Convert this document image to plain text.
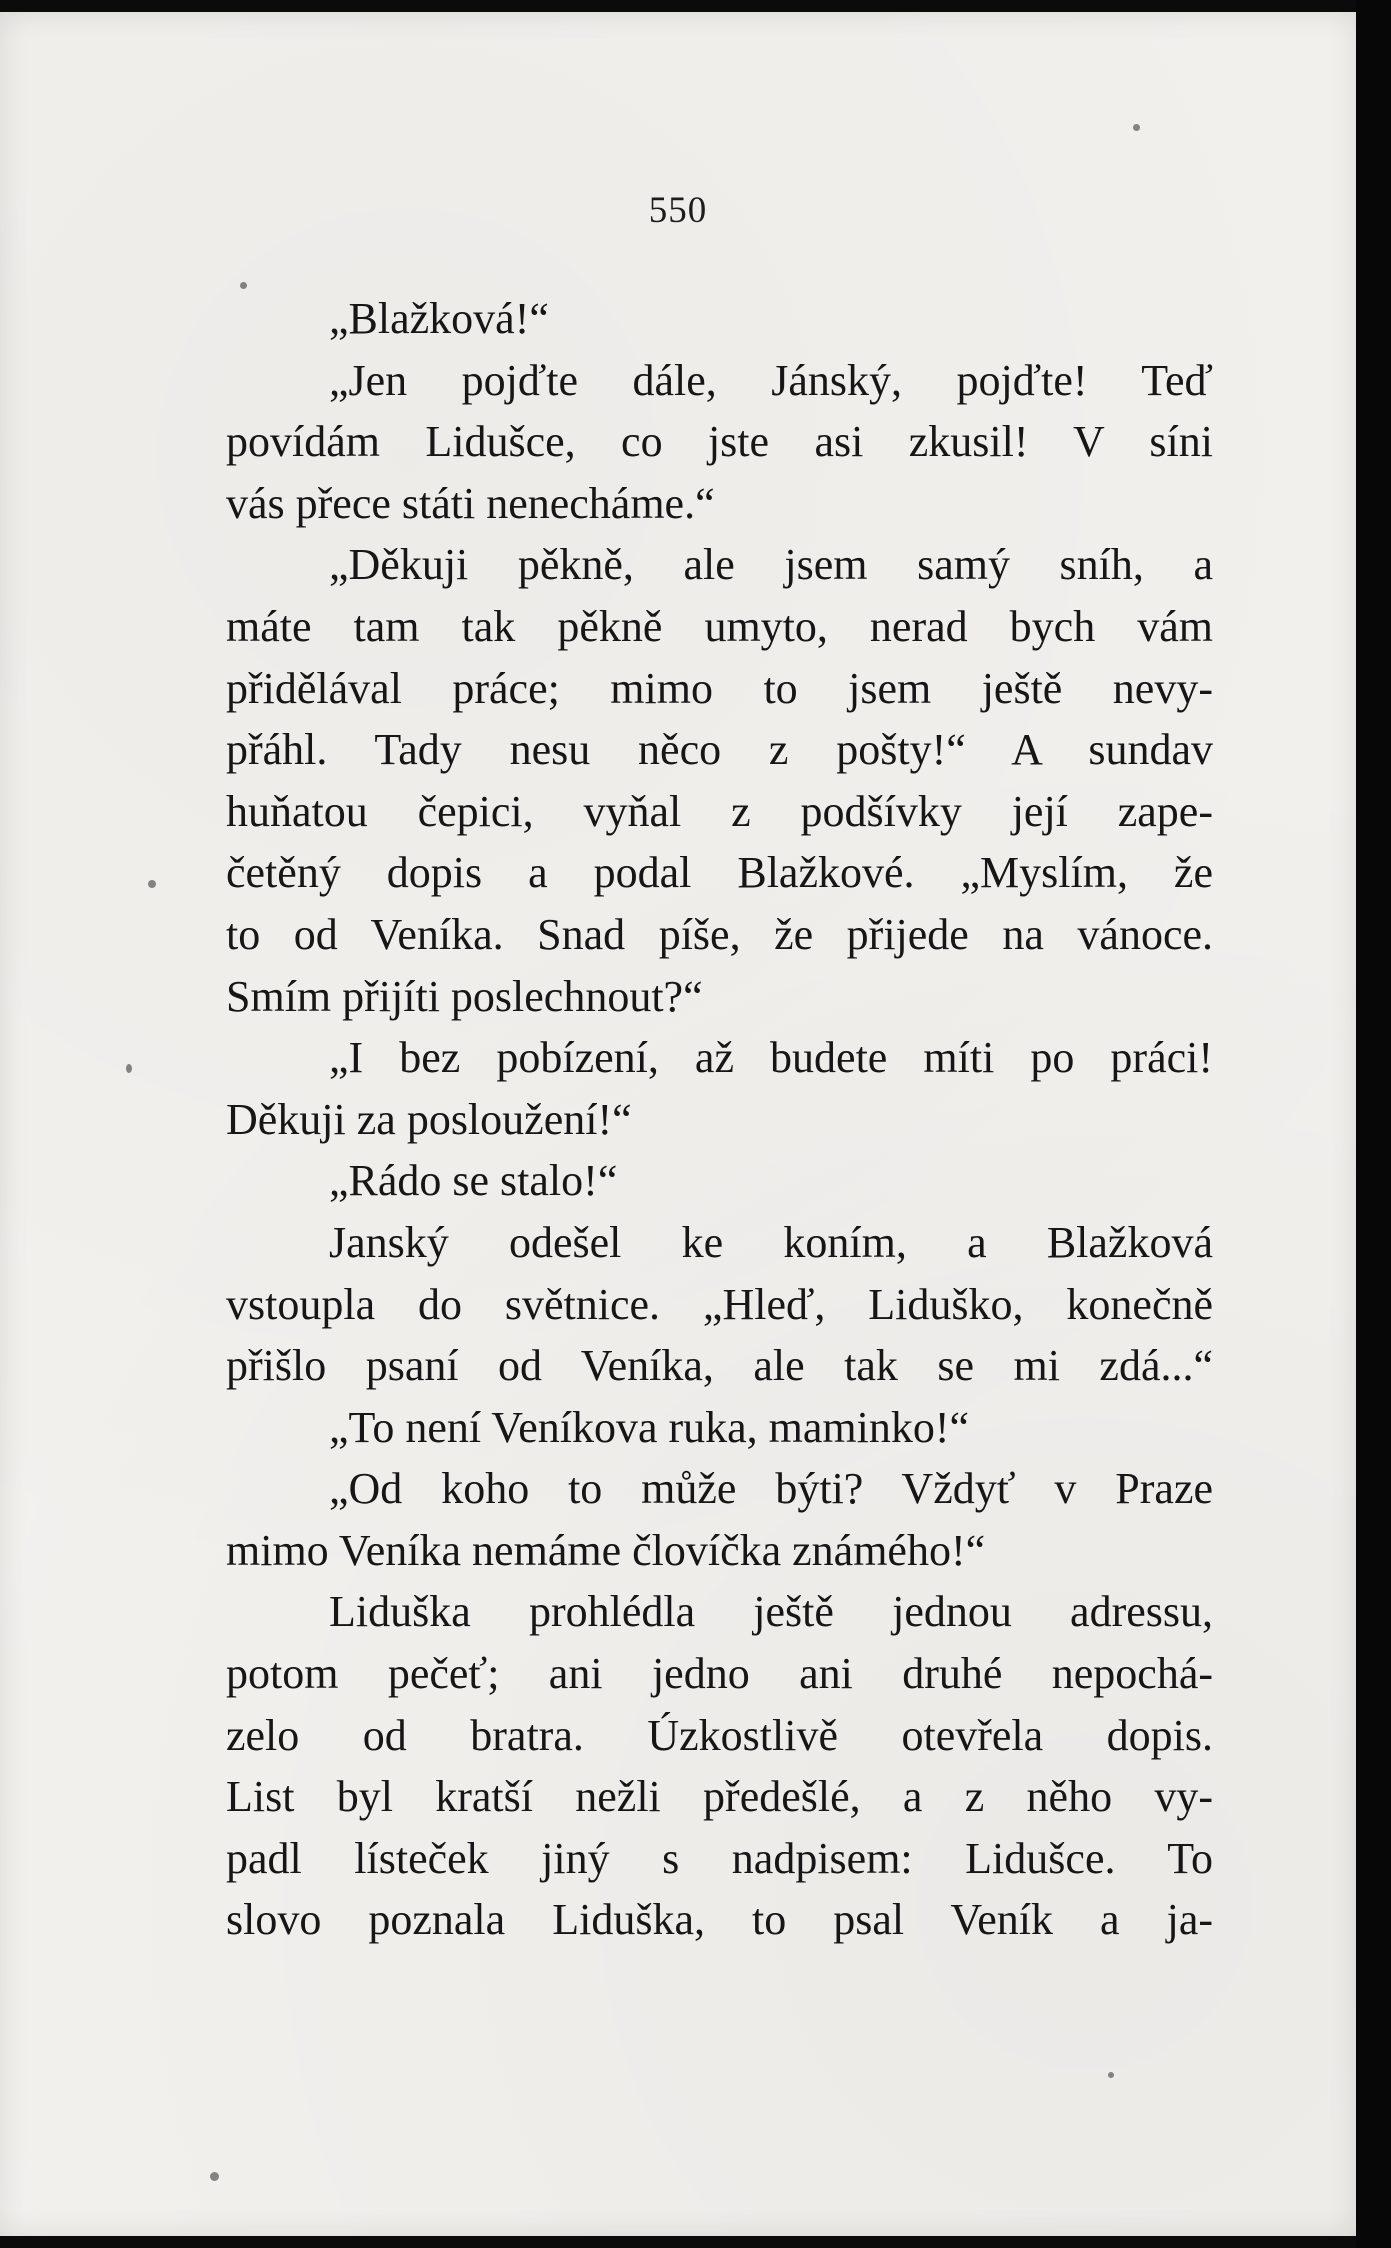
550
„Blažková!“
„Jen pojďte dále, Jánský, pojďte! Teď
povídám Lidušce, co jste asi zkusil! V síni
vás přece státi nenecháme.“
„Děkuji pěkně, ale jsem samý sníh, a
máte tam tak pěkně umyto, nerad bych vám
přidělával práce; mimo to jsem ještě nevy-
přáhl. Tady nesu něco z pošty!“ A sundav
huňatou čepici, vyňal z podšívky její zape-
četěný dopis a podal Blažkové. „Myslím, že
to od Veníka. Snad píše, že přijede na vánoce.
Smím přijíti poslechnout?“
„I bez pobízení, až budete míti po práci!
Děkuji za posloužení!“
„Rádo se stalo!“
Janský odešel ke koním, a Blažková
vstoupla do světnice. „Hleď, Liduško, konečně
přišlo psaní od Veníka, ale tak se mi zdá...“
„To není Veníkova ruka, maminko!“
„Od koho to může býti? Vždyť v Praze
mimo Veníka nemáme človíčka známého!“
Liduška prohlédla ještě jednou adressu,
potom pečeť; ani jedno ani druhé nepochá-
zelo od bratra. Úzkostlivě otevřela dopis.
List byl kratší nežli předešlé, a z něho vy-
padl lísteček jiný s nadpisem: Lidušce. To
slovo poznala Liduška, to psal Veník a ja-
